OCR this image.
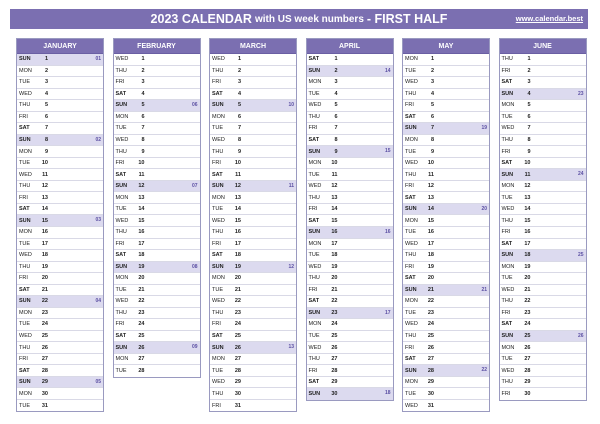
2023 CALENDAR with US week numbers - FIRST HALF	www.calendar.best
JANUARY
SUN	1	01
MON	2
TUE	3
WED	4
THU	5
FRI	6
SAT	7
SUN	8	02
MON	9
TUE	10
WED	11
THU	12
FRI	13
SAT	14
SUN	15	03
MON	16
TUE	17
WED	18
THU	19
FRI	20
SAT	21
SUN	22	04
MON	23
TUE	24
WED	25
THU	26
FRI	27
SAT	28
SUN	29	05
MON	30
TUE	31
FEBRUARY
WED	1
THU	2
FRI	3
SAT	4
SUN	5	06
MON	6
TUE	7
WED	8
THU	9
FRI	10
SAT	11
SUN	12	07
MON	13
TUE	14
WED	15
THU	16
FRI	17
SAT	18
SUN	19	08
MON	20
TUE	21
WED	22
THU	23
FRI	24
SAT	25
SUN	26	09
MON	27
TUE	28
MARCH
WED	1
THU	2
FRI	3
SAT	4
SUN	5	10
MON	6
TUE	7
WED	8
THU	9
FRI	10
SAT	11
SUN	12	11
MON	13
TUE	14
WED	15
THU	16
FRI	17
SAT	18
SUN	19	12
MON	20
TUE	21
WED	22
THU	23
FRI	24
SAT	25
SUN	26	13
MON	27
TUE	28
WED	29
THU	30
FRI	31
APRIL
SAT	1
SUN	2	14
MON	3
TUE	4
WED	5
THU	6
FRI	7
SAT	8
SUN	9	15
MON	10
TUE	11
WED	12
THU	13
FRI	14
SAT	15
SUN	16	16
MON	17
TUE	18
WED	19
THU	20
FRI	21
SAT	22
SUN	23	17
MON	24
TUE	25
WED	26
THU	27
FRI	28
SAT	29
SUN	30	18
MAY
MON	1
TUE	2
WED	3
THU	4
FRI	5
SAT	6
SUN	7	19
MON	8
TUE	9
WED	10
THU	11
FRI	12
SAT	13
SUN	14	20
MON	15
TUE	16
WED	17
THU	18
FRI	19
SAT	20
SUN	21	21
MON	22
TUE	23
WED	24
THU	25
FRI	26
SAT	27
SUN	28	22
MON	29
TUE	30
WED	31
JUNE
THU	1
FRI	2
SAT	3
SUN	4	23
MON	5
TUE	6
WED	7
THU	8
FRI	9
SAT	10
SUN	11	24
MON	12
TUE	13
WED	14
THU	15
FRI	16
SAT	17
SUN	18	25
MON	19
TUE	20
WED	21
THU	22
FRI	23
SAT	24
SUN	25	26
MON	26
TUE	27
WED	28
THU	29
FRI	30
